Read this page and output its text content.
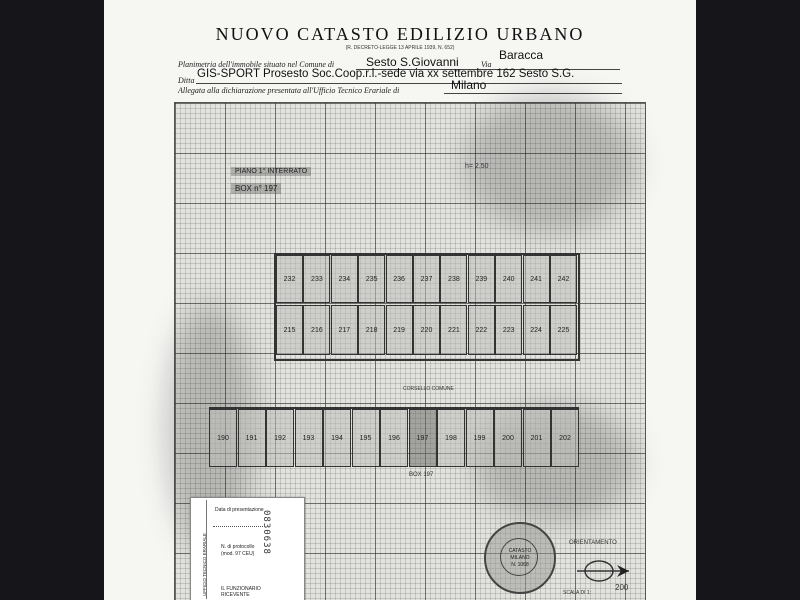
NUOVO CATASTO EDILIZIO URBANO
(R. DECRETO-LEGGE 13 APRILE 1939, N. 652)
Planimetria dell'immobile situato nel Comune di	Sesto S.Giovanni	Via
Baracca
Ditta
GIS-SPORT Prosesto Soc.Coop.r.l.-sede via xx settembre 162 Sesto S.G.
Allegata alla dichiarazione presentata all'Ufficio Tecnico Erariale di	Milano
PIANO 1° INTERRATO
BOX n° 197
h= 2.50
232	233	234	235	236	237	238	239	240	241	242
215	216	217	218	219	220	221	222	223	224	225
CORSELLO COMUNE
190	191	192	193	194	195	196	197	198	199	200	201	202
BOX 197
ORIENTAMENTO
SCALA DI 1:
200
UFFICIO TECNICO ERARIALE
0830638
Data di presentazione
N. di protocollo
(mod. 97 CEU)
IL FUNZIONARIO
RICEVENTE
CATASTO
MILANO
N. 1068
